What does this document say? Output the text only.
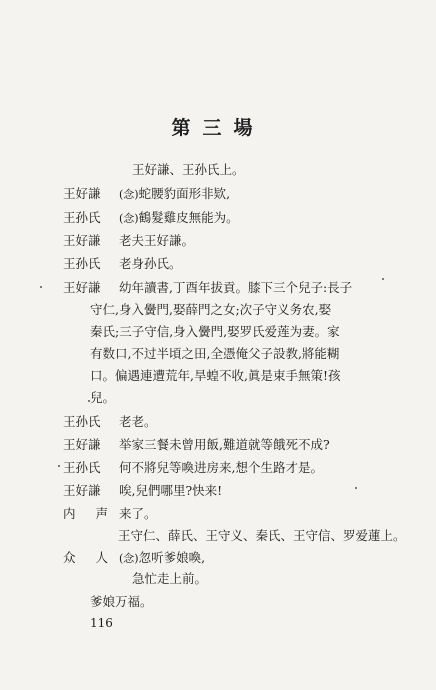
第三場
王好謙、王孙氏上。
王好謙 (念)蛇腰豹面形非欵,
王孙氏 (念)鶴髮雞皮無能为。
王好謙 老夫王好謙。
王孙氏 老身孙氏。
王好謙 幼年讀書,丁酉年拔貢。膝下三个兒子:長子
守仁,身入黌門,娶薛門之女;次子守义务农,娶
秦氏;三子守信,身入黌門,娶罗氏爱莲为妻。家
有数口,不过半頃之田,全憑俺父子設教,將能糊
口。偏遇連遭荒年,旱蝗不收,眞是束手無策!孩
兒。
王孙氏 老老。
王好謙 举家三餐未曾用飯,難道就等餓死不成?
王孙氏 何不將兒等喚进房来,想个生路才是。
王好謙 唉,兒們哪里?快来!
内 声 来了。
王守仁、薛氏、王守义、秦氏、王守信、罗爱蓮上。
众 人 (念)忽听爹娘喚,
急忙走上前。
爹娘万福。
116
